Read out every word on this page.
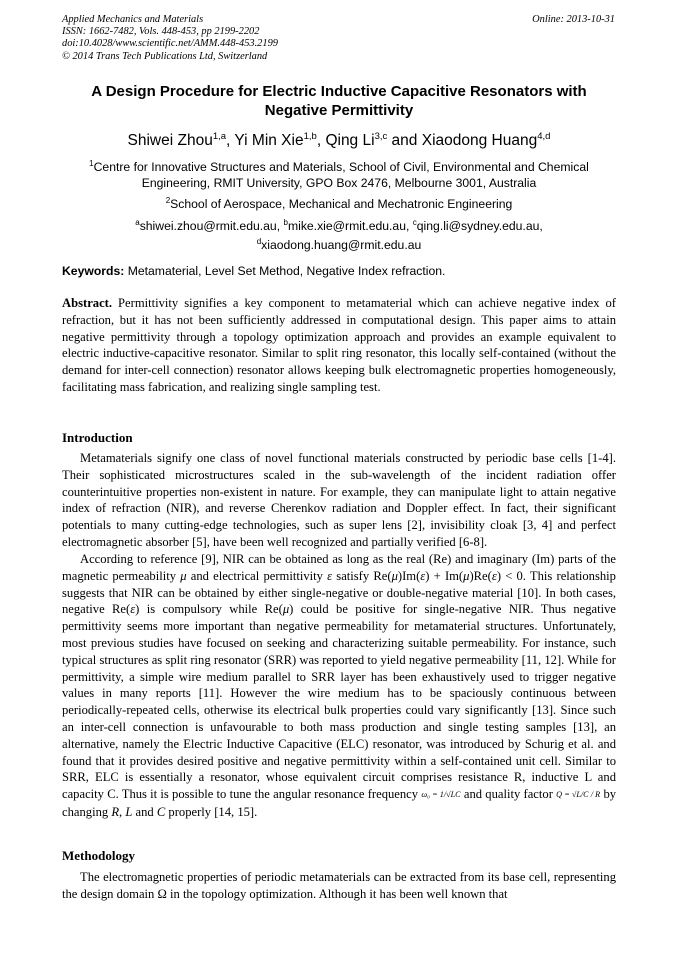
Applied Mechanics and Materials
ISSN: 1662-7482, Vols. 448-453, pp 2199-2202
doi:10.4028/www.scientific.net/AMM.448-453.2199
© 2014 Trans Tech Publications Ltd, Switzerland
Online: 2013-10-31
A Design Procedure for Electric Inductive Capacitive Resonators with Negative Permittivity
Shiwei Zhou$^{1,a}$, Yi Min Xie$^{1,b}$, Qing Li$^{3,c}$ and Xiaodong Huang$^{4,d}$
$^1$Centre for Innovative Structures and Materials, School of Civil, Environmental and Chemical Engineering, RMIT University, GPO Box 2476, Melbourne 3001, Australia
$^2$School of Aerospace, Mechanical and Mechatronic Engineering
$^a$shiwei.zhou@rmit.edu.au, $^b$mike.xie@rmit.edu.au, $^c$qing.li@sydney.edu.au,
$^d$xiaodong.huang@rmit.edu.au
Keywords: Metamaterial, Level Set Method, Negative Index refraction.
Abstract. Permittivity signifies a key component to metamaterial which can achieve negative index of refraction, but it has not been sufficiently addressed in computational design. This paper aims to attain negative permittivity through a topology optimization approach and provides an example equivalent to electric inductive-capacitive resonator. Similar to split ring resonator, this locally self-contained (without the demand for inter-cell connection) resonator allows keeping bulk electromagnetic properties homogeneously, facilitating mass fabrication, and realizing single sampling test.
Introduction
Metamaterials signify one class of novel functional materials constructed by periodic base cells [1-4]. Their sophisticated microstructures scaled in the sub-wavelength of the incident radiation offer counterintuitive properties non-existent in nature. For example, they can manipulate light to attain negative index of refraction (NIR), and reverse Cherenkov radiation and Doppler effect. In fact, their significant potentials to many cutting-edge technologies, such as super lens [2], invisibility cloak [3, 4] and perfect electromagnetic absorber [5], have been well recognized and partially verified [6-8].
According to reference [9], NIR can be obtained as long as the real (Re) and imaginary (Im) parts of the magnetic permeability μ and electrical permittivity ε satisfy Re(μ)Im(ε) + Im(μ)Re(ε) < 0. This relationship suggests that NIR can be obtained by either single-negative or double-negative material [10]. In both cases, negative Re(ε) is compulsory while Re(μ) could be positive for single-negative NIR. Thus negative permittivity seems more important than negative permeability for metamaterial structures. Unfortunately, most previous studies have focused on seeking and characterizing suitable permeability. For instance, such typical structures as split ring resonator (SRR) was reported to yield negative permeability [11, 12]. While for permittivity, a simple wire medium parallel to SRR layer has been exhaustively used to trigger negative values in many reports [11]. However the wire medium has to be spaciously continuous between periodically-repeated cells, otherwise its electrical bulk properties could vary significantly [13]. Since such an inter-cell connection is unfavourable to both mass production and single testing samples [13], an alternative, namely the Electric Inductive Capacitive (ELC) resonator, was introduced by Schurig et al. and found that it provides desired positive and negative permittivity within a self-contained unit cell. Similar to SRR, ELC is essentially a resonator, whose equivalent circuit comprises resistance R, inductive L and capacity C. Thus it is possible to tune the angular resonance frequency ω₀ = 1/√LC and quality factor Q = √L/C / R by changing R, L and C properly [14, 15].
Methodology
The electromagnetic properties of periodic metamaterials can be extracted from its base cell, representing the design domain Ω in the topology optimization. Although it has been well known that
